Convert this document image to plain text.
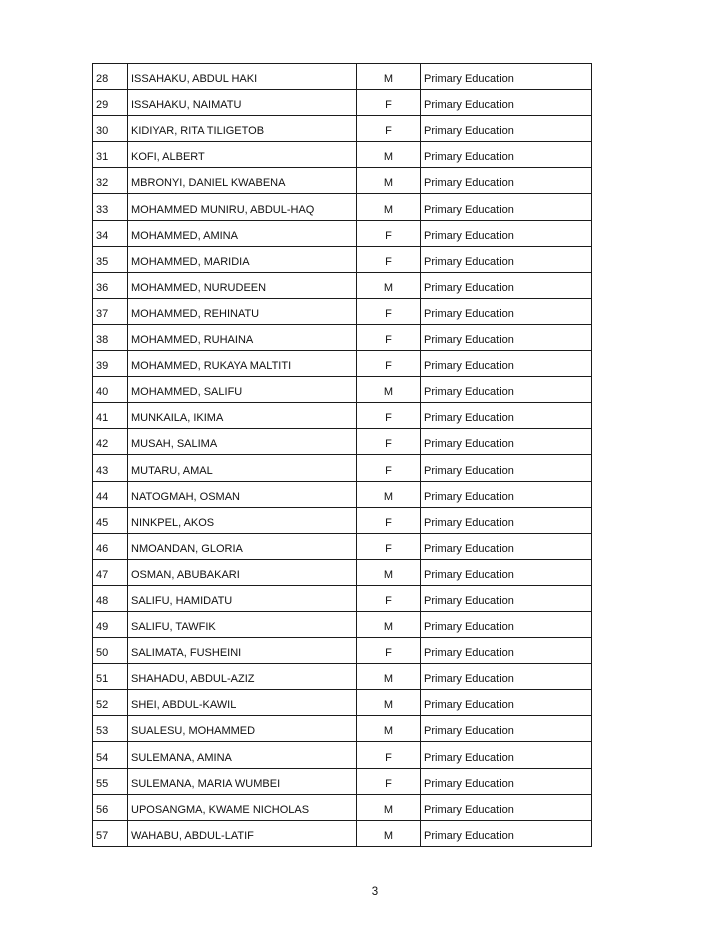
28	ISSAHAKU, ABDUL HAKI	M	Primary Education
29	ISSAHAKU, NAIMATU	F	Primary Education
30	KIDIYAR, RITA TILIGETOB	F	Primary Education
31	KOFI, ALBERT	M	Primary Education
32	MBRONYI, DANIEL KWABENA	M	Primary Education
33	MOHAMMED MUNIRU, ABDUL-HAQ	M	Primary Education
34	MOHAMMED, AMINA	F	Primary Education
35	MOHAMMED, MARIDIA	F	Primary Education
36	MOHAMMED, NURUDEEN	M	Primary Education
37	MOHAMMED, REHINATU	F	Primary Education
38	MOHAMMED, RUHAINA	F	Primary Education
39	MOHAMMED, RUKAYA MALTITI	F	Primary Education
40	MOHAMMED, SALIFU	M	Primary Education
41	MUNKAILA, IKIMA	F	Primary Education
42	MUSAH, SALIMA	F	Primary Education
43	MUTARU, AMAL	F	Primary Education
44	NATOGMAH, OSMAN	M	Primary Education
45	NINKPEL, AKOS	F	Primary Education
46	NMOANDAN, GLORIA	F	Primary Education
47	OSMAN, ABUBAKARI	M	Primary Education
48	SALIFU, HAMIDATU	F	Primary Education
49	SALIFU, TAWFIK	M	Primary Education
50	SALIMATA, FUSHEINI	F	Primary Education
51	SHAHADU, ABDUL-AZIZ	M	Primary Education
52	SHEI, ABDUL-KAWIL	M	Primary Education
53	SUALESU, MOHAMMED	M	Primary Education
54	SULEMANA, AMINA	F	Primary Education
55	SULEMANA, MARIA WUMBEI	F	Primary Education
56	UPOSANGMA, KWAME NICHOLAS	M	Primary Education
57	WAHABU, ABDUL-LATIF	M	Primary Education
3
